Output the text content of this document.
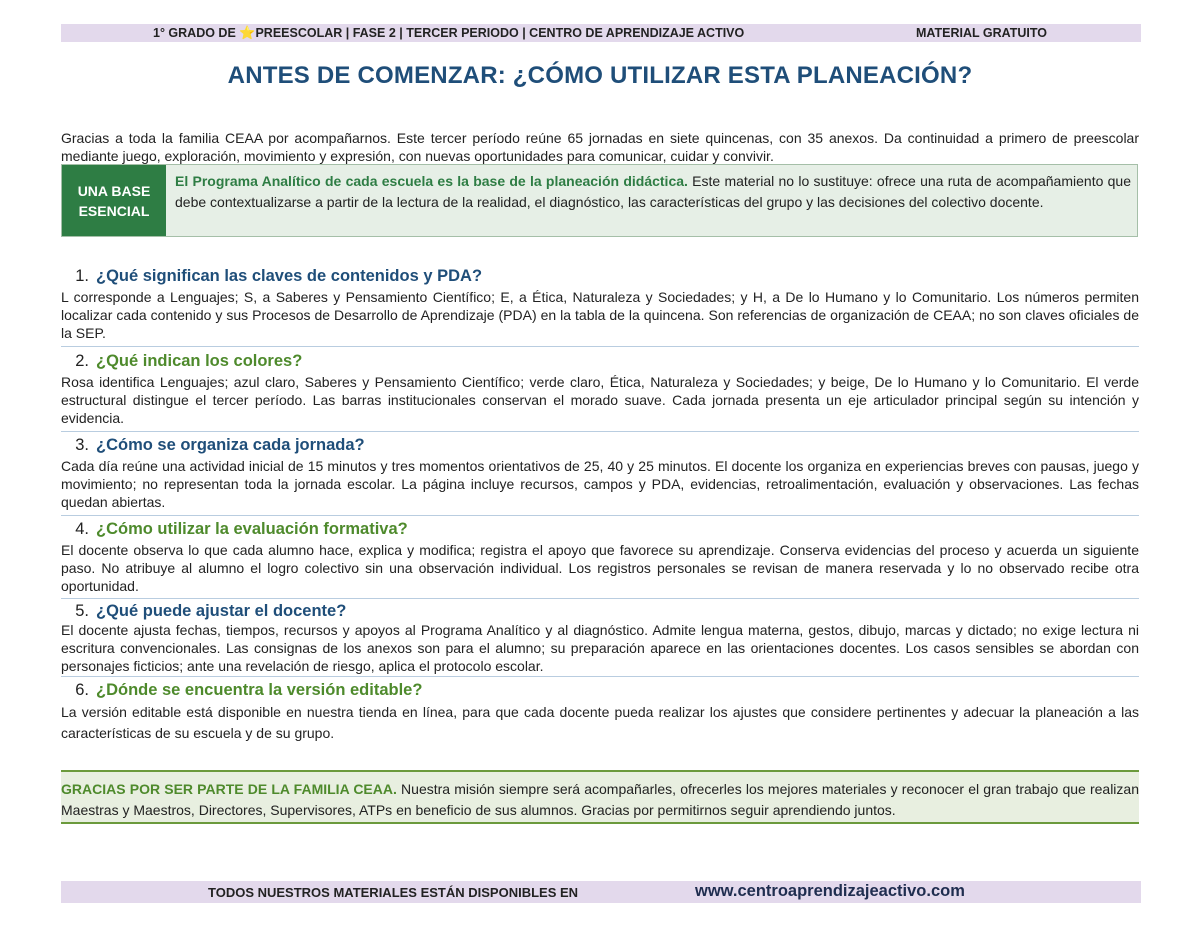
1° GRADO DE ⭐PREESCOLAR | FASE 2 | TERCER PERIODO | CENTRO DE APRENDIZAJE ACTIVO	MATERIAL GRATUITO
ANTES DE COMENZAR: ¿CÓMO UTILIZAR ESTA PLANEACIÓN?

Gracias a toda la familia CEAA por acompañarnos. Este tercer período reúne 65 jornadas en siete quincenas, con 35 anexos. Da continuidad a primero de preescolar mediante juego, exploración, movimiento y expresión, con nuevas oportunidades para comunicar, cuidar y convivir.

UNA BASE
ESENCIAL

El Programa Analítico de cada escuela es la base de la planeación didáctica. Este material no lo sustituye: ofrece una ruta de acompañamiento que debe contextualizarse a partir de la lectura de la realidad, el diagnóstico, las características del grupo y las decisiones del colectivo docente.

1. ¿Qué significan las claves de contenidos y PDA?

L corresponde a Lenguajes; S, a Saberes y Pensamiento Científico; E, a Ética, Naturaleza y Sociedades; y H, a De lo Humano y lo Comunitario. Los números permiten localizar cada contenido y sus Procesos de Desarrollo de Aprendizaje (PDA) en la tabla de la quincena. Son referencias de organización de CEAA; no son claves oficiales de la SEP.

2. ¿Qué indican los colores?

Rosa identifica Lenguajes; azul claro, Saberes y Pensamiento Científico; verde claro, Ética, Naturaleza y Sociedades; y beige, De lo Humano y lo Comunitario. El verde estructural distingue el tercer período. Las barras institucionales conservan el morado suave. Cada jornada presenta un eje articulador principal según su intención y evidencia.

3. ¿Cómo se organiza cada jornada?

Cada día reúne una actividad inicial de 15 minutos y tres momentos orientativos de 25, 40 y 25 minutos. El docente los organiza en experiencias breves con pausas, juego y movimiento; no representan toda la jornada escolar. La página incluye recursos, campos y PDA, evidencias, retroalimentación, evaluación y observaciones. Las fechas quedan abiertas.

4. ¿Cómo utilizar la evaluación formativa?

El docente observa lo que cada alumno hace, explica y modifica; registra el apoyo que favorece su aprendizaje. Conserva evidencias del proceso y acuerda un siguiente paso. No atribuye al alumno el logro colectivo sin una observación individual. Los registros personales se revisan de manera reservada y lo no observado recibe otra oportunidad.

5. ¿Qué puede ajustar el docente?

El docente ajusta fechas, tiempos, recursos y apoyos al Programa Analítico y al diagnóstico. Admite lengua materna, gestos, dibujo, marcas y dictado; no exige lectura ni escritura convencionales. Las consignas de los anexos son para el alumno; su preparación aparece en las orientaciones docentes. Los casos sensibles se abordan con personajes ficticios; ante una revelación de riesgo, aplica el protocolo escolar.

6. ¿Dónde se encuentra la versión editable?

La versión editable está disponible en nuestra tienda en línea, para que cada docente pueda realizar los ajustes que considere pertinentes y adecuar la planeación a las características de su escuela y de su grupo.

GRACIAS POR SER PARTE DE LA FAMILIA CEAA. Nuestra misión siempre será acompañarles, ofrecerles los mejores materiales y reconocer el gran trabajo que realizan Maestras y Maestros, Directores, Supervisores, ATPs en beneficio de sus alumnos. Gracias por permitirnos seguir aprendiendo juntos.

TODOS NUESTROS MATERIALES ESTÁN DISPONIBLES EN	www.centroaprendizajeactivo.com
